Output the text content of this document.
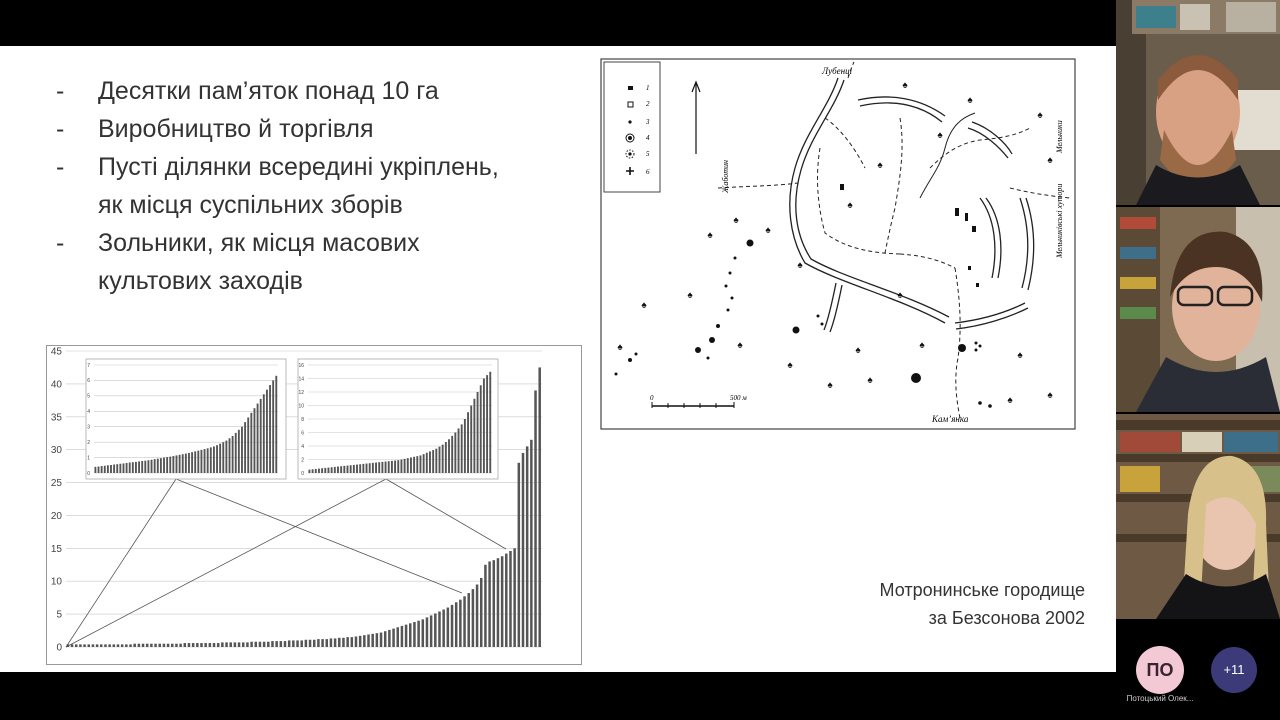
- Десятки пам’яток понад 10 га
- Виробництво й торгівля
- Пусті ділянки всередині укріплень, як місця суспільних зборів
- Зольники, як місця масових культових заходів
45
40
35
30
25
20
15
10
5
0
7
6
5
4
3
2
1
0
16
14
12
10
8
6
4
2
0
1
2
3
4
5
6
♠
♠
♠
♠
♠
♠
♠
♠
♠
♠
♠
♠
♠
♠
♠
♠
♠	♠
♠
♠
♠
♠
♠
♠
Лубенці
Мельники
Мельниківські хутори
Жаботин
Кам’янка
0	500 м
Мотронинське городище
за Безсонова 2002
ПО	+11
Потоцький Олек...
